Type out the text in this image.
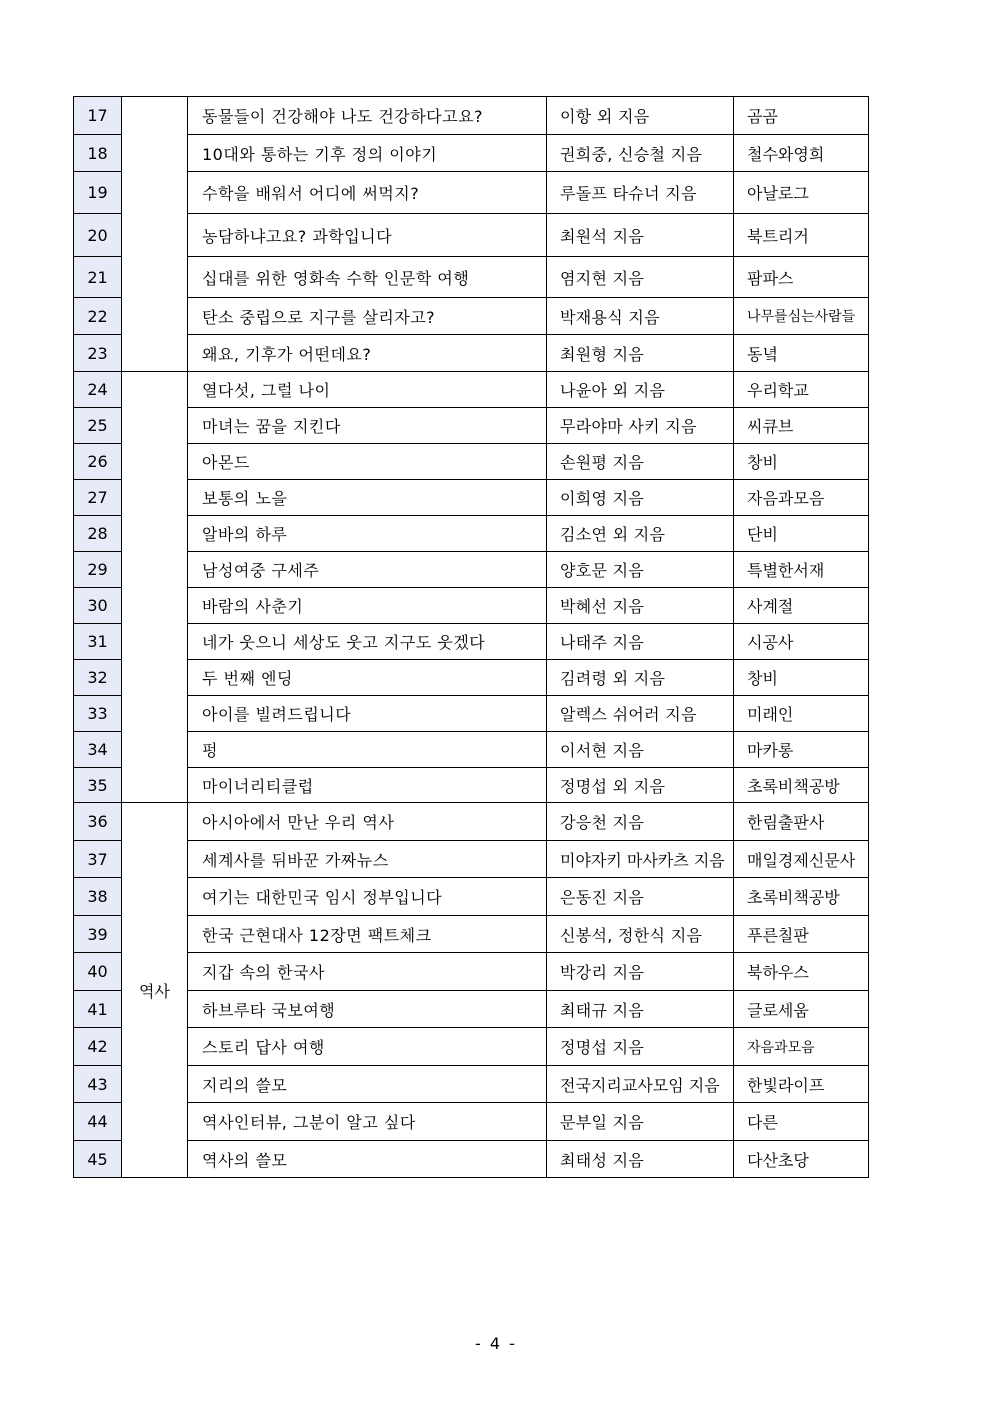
17		동물들이 건강해야 나도 건강하다고요?	이항 외 지음	곰곰
18		10대와 통하는 기후 정의 이야기	권희중, 신승철 지음	철수와영희
19		수학을 배워서 어디에 써먹지?	루돌프 타슈너 지음	아날로그
20		농담하냐고요? 과학입니다	최원석 지음	북트리거
21		십대를 위한 영화속 수학 인문학 여행	염지현 지음	팜파스
22		탄소 중립으로 지구를 살리자고?	박재용식 지음	나무를심는사람들
23		왜요, 기후가 어떤데요?	최원형 지음	동녘
24		열다섯, 그럴 나이	나윤아 외 지음	우리학교
25		마녀는 꿈을 지킨다	무라야마 사키 지음	씨큐브
26		아몬드	손원평 지음	창비
27		보통의 노을	이희영 지음	자음과모음
28		알바의 하루	김소연 외 지음	단비
29		남성여중 구세주	양호문 지음	특별한서재
30		바람의 사춘기	박혜선 지음	사계절
31		네가 웃으니 세상도 웃고 지구도 웃겠다	나태주 지음	시공사
32		두 번째 엔딩	김려령 외 지음	창비
33		아이를 빌려드립니다	알렉스 쉬어러 지음	미래인
34		펑	이서현 지음	마카롱
35		마이너리티클럽	정명섭 외 지음	초록비책공방
36	역사	아시아에서 만난 우리 역사	강응천 지음	한림출판사
37		세계사를 뒤바꾼 가짜뉴스	미야자키 마사카츠 지음	매일경제신문사
38		여기는 대한민국 임시 정부입니다	은동진 지음	초록비책공방
39		한국 근현대사 12장면 팩트체크	신봉석, 정한식 지음	푸른칠판
40		지갑 속의 한국사	박강리 지음	북하우스
41		하브루타 국보여행	최태규 지음	글로세움
42		스토리 답사 여행	정명섭 지음	자음과모음
43		지리의 쓸모	전국지리교사모임 지음	한빛라이프
44		역사인터뷰, 그분이 알고 싶다	문부일 지음	다른
45		역사의 쓸모	최태성 지음	다산초당
- 4 -
